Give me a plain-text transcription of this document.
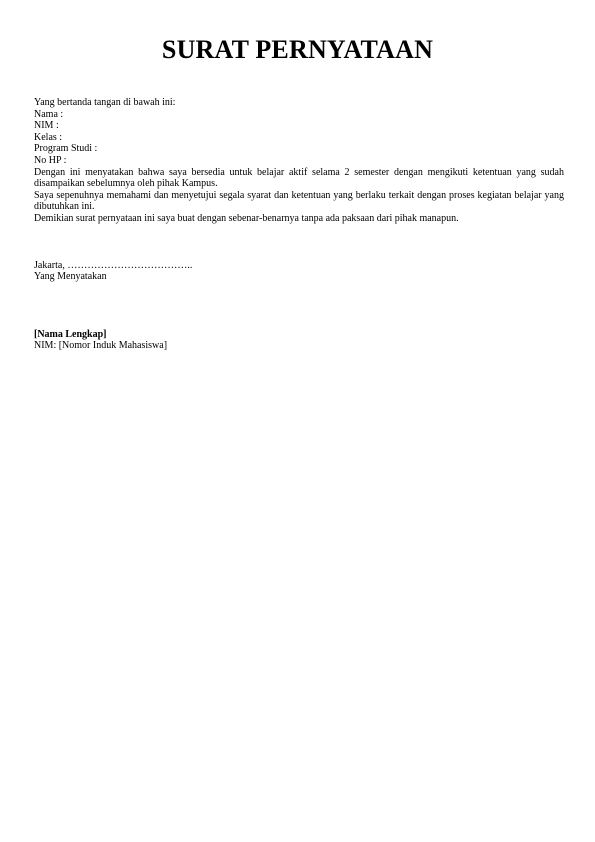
SURAT PERNYATAAN
Yang bertanda tangan di bawah ini:
Nama :
NIM :
Kelas :
Program Studi :
No HP :
Dengan ini menyatakan bahwa saya bersedia untuk belajar aktif selama 2 semester dengan mengikuti ketentuan yang sudah disampaikan sebelumnya oleh pihak Kampus.
Saya sepenuhnya memahami dan menyetujui segala syarat dan ketentuan yang berlaku terkait dengan proses kegiatan belajar yang dibutuhkan ini.
Demikian surat pernyataan ini saya buat dengan sebenar-benarnya tanpa ada paksaan dari pihak manapun.
Jakarta, ………………………………..
Yang Menyatakan
[Nama Lengkap]
NIM: [Nomor Induk Mahasiswa]
